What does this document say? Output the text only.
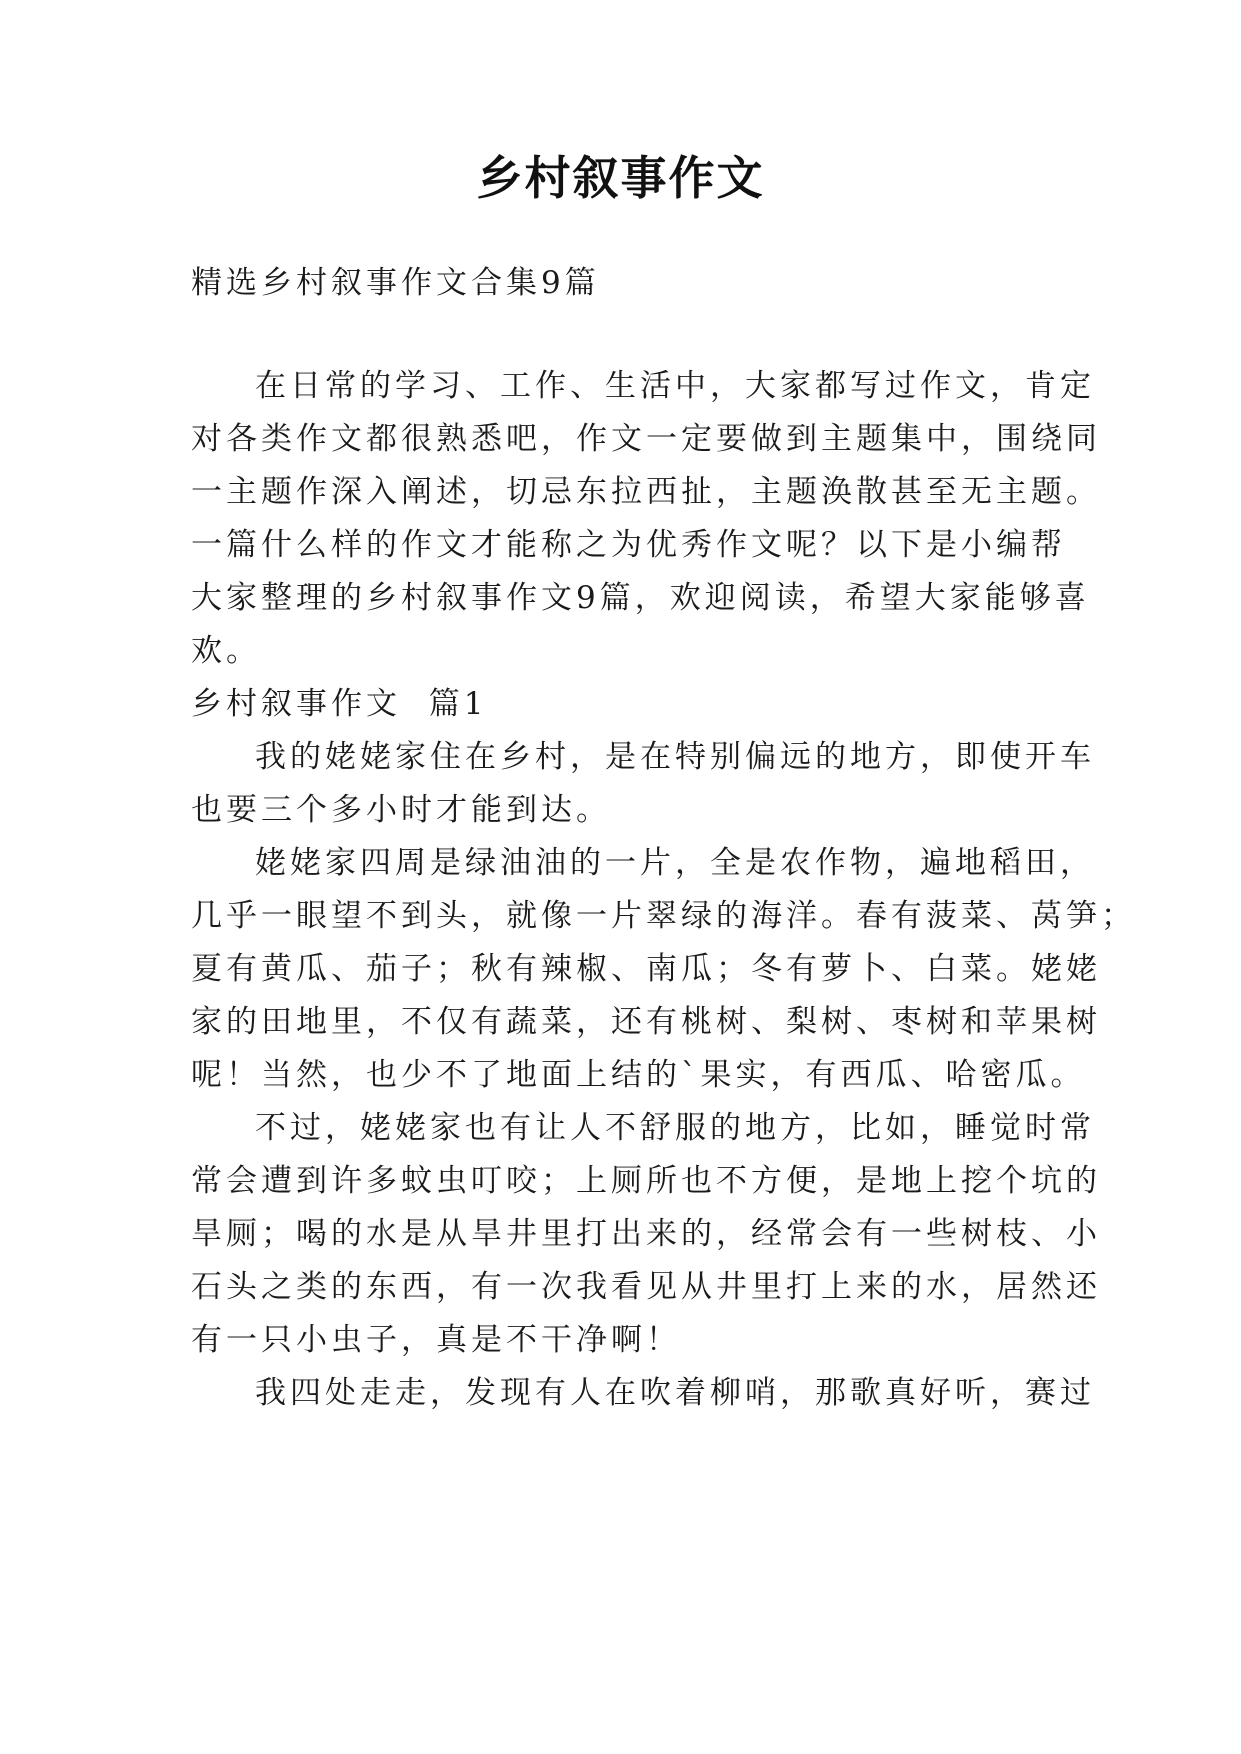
乡村叙事作文
精选乡村叙事作文合集9篇
在日常的学习、工作、生活中，大家都写过作文，肯定
对各类作文都很熟悉吧，作文一定要做到主题集中，围绕同
一主题作深入阐述，切忌东拉西扯，主题涣散甚至无主题。
一篇什么样的作文才能称之为优秀作文呢？以下是小编帮
大家整理的乡村叙事作文9篇，欢迎阅读，希望大家能够喜
欢。
乡村叙事作文  篇1
我的姥姥家住在乡村，是在特别偏远的地方，即使开车
也要三个多小时才能到达。
姥姥家四周是绿油油的一片，全是农作物，遍地稻田，
几乎一眼望不到头，就像一片翠绿的海洋。春有菠菜、莴笋；
夏有黄瓜、茄子；秋有辣椒、南瓜；冬有萝卜、白菜。姥姥
家的田地里，不仅有蔬菜，还有桃树、梨树、枣树和苹果树
呢！当然，也少不了地面上结的`果实，有西瓜、哈密瓜。
不过，姥姥家也有让人不舒服的地方，比如，睡觉时常
常会遭到许多蚊虫叮咬；上厕所也不方便，是地上挖个坑的
旱厕；喝的水是从旱井里打出来的，经常会有一些树枝、小
石头之类的东西，有一次我看见从井里打上来的水，居然还
有一只小虫子，真是不干净啊！
我四处走走，发现有人在吹着柳哨，那歌真好听，赛过
